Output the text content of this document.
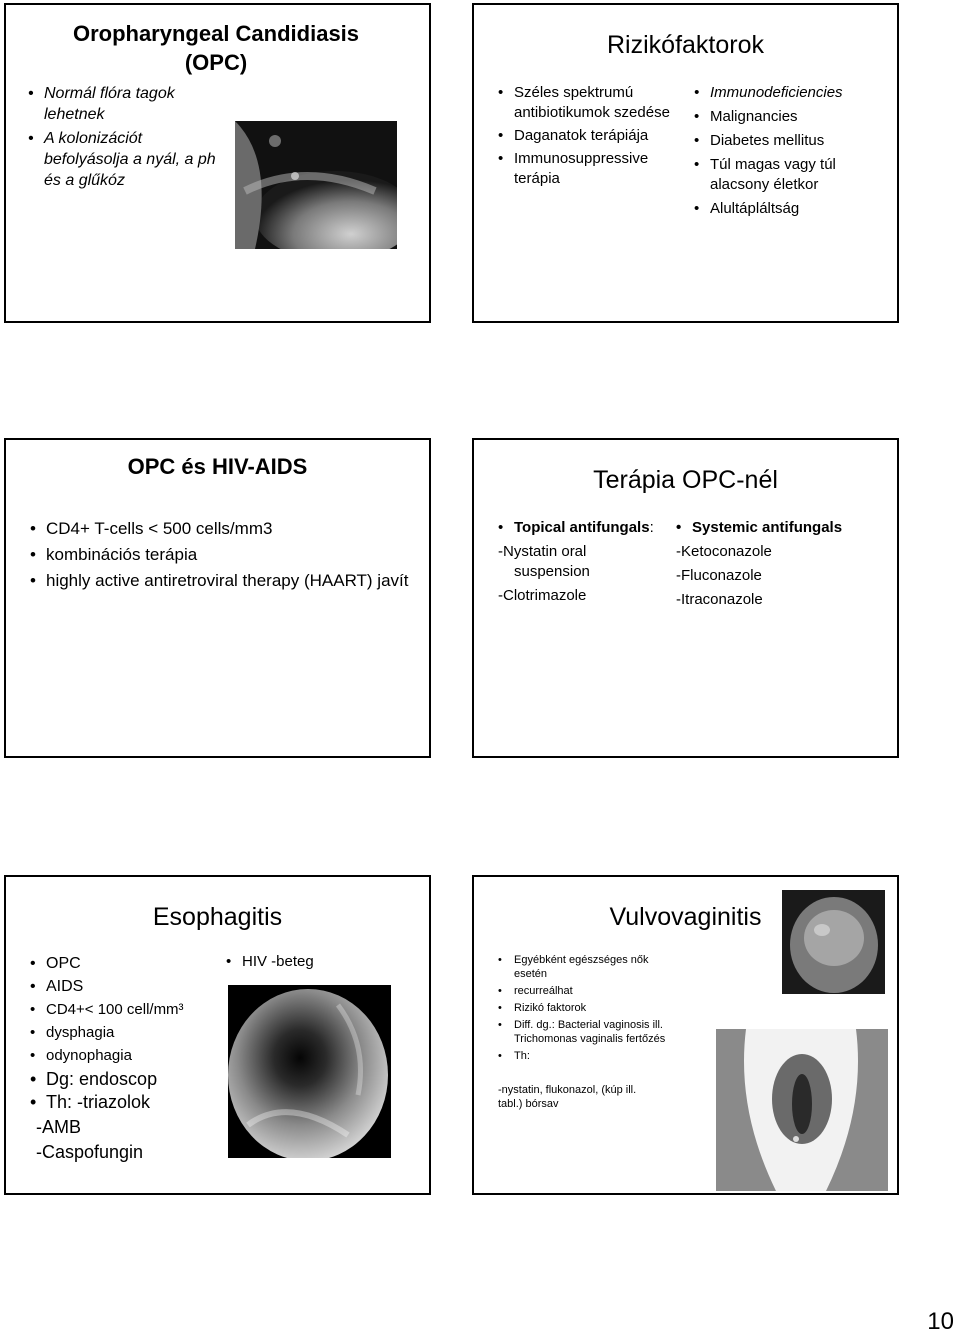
Oropharyngeal Candidiasis (OPC)
• Normál flóra tagok lehetnek
• A kolonizációt befolyásolja a nyál, a ph és a glűkóz
Rizikófaktorok
• Széles spektrumú antibiotikumok szedése
• Daganatok terápiája
• Immunosuppressive terápia
• Immunodeficiencies
• Malignancies
• Diabetes mellitus
• Túl magas vagy túl alacsony életkor
• Alultápláltság
OPC és HIV-AIDS
• CD4+ T-cells < 500 cells/mm3
• kombinációs terápia
• highly active antiretroviral therapy (HAART) javít
Terápia OPC-nél
• Topical antifungals:
-Nystatin oral suspension
-Clotrimazole
• Systemic antifungals
-Ketoconazole
-Fluconazole
-Itraconazole
Esophagitis
• OPC
• AIDS
• CD4+< 100 cell/mm³
• dysphagia
• odynophagia
• Dg: endoscop
• Th: -triazolok
-AMB
-Caspofungin
• HIV -beteg
Vulvovaginitis
• Egyébként egészséges nők esetén
• recurreálhat
• Rizikó faktorok
• Diff. dg.: Bacterial vaginosis ill. Trichomonas vaginalis fertőzés
• Th:
-nystatin, flukonazol, (kúp ill. tabl.) bórsav
10
